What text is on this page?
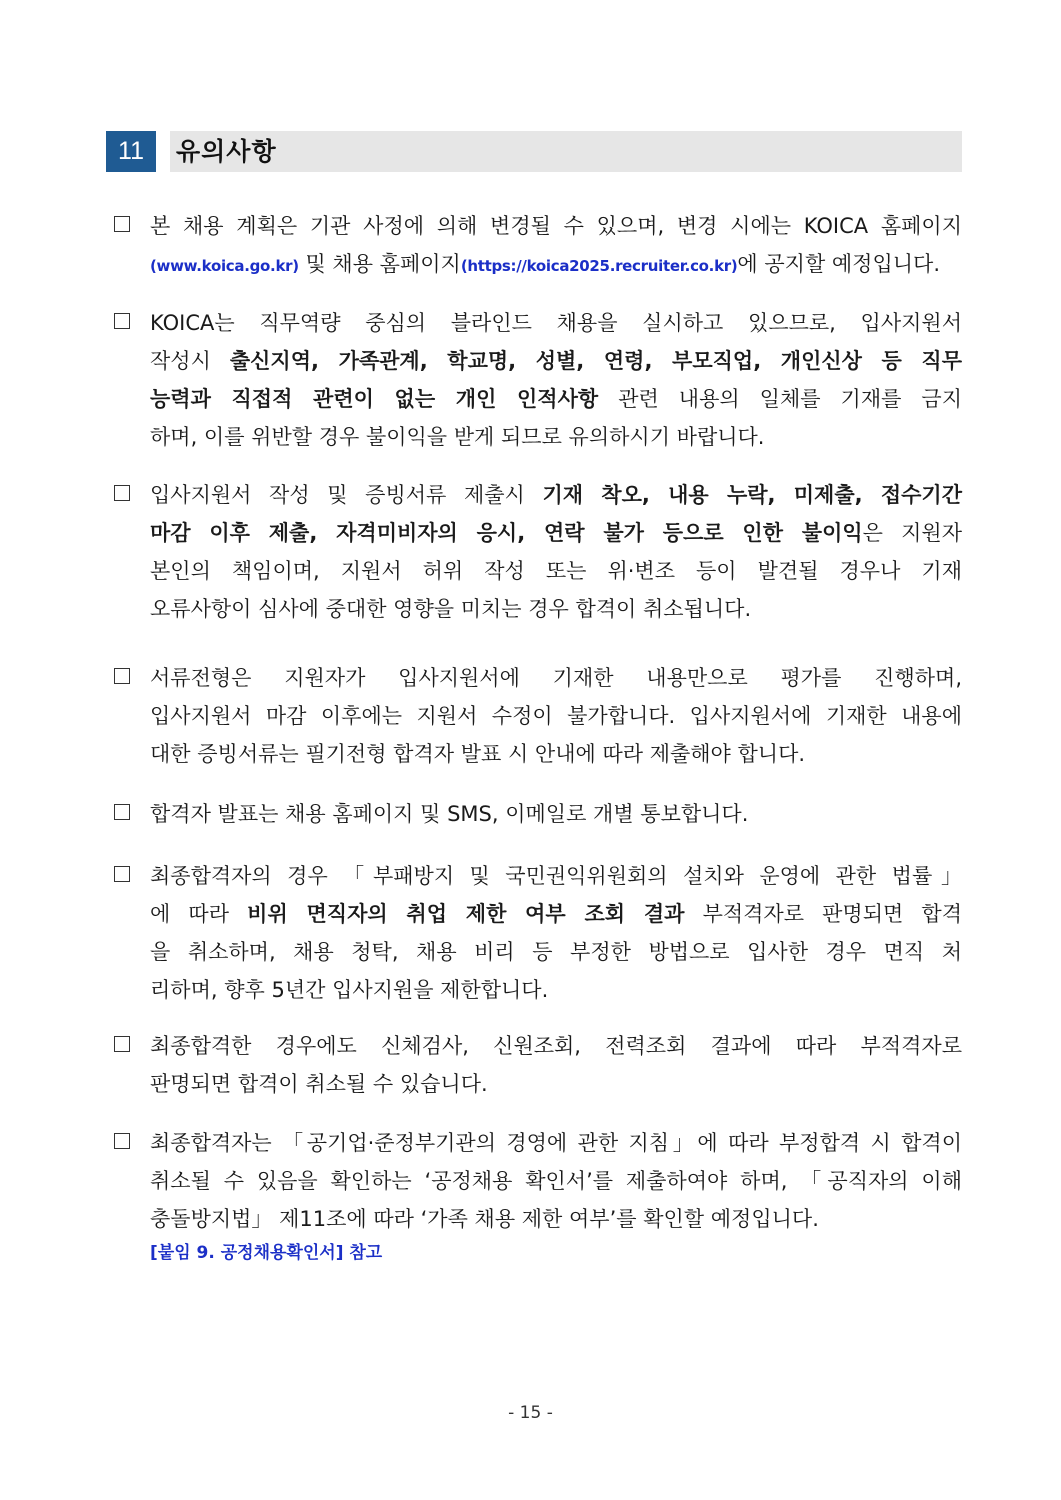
11	유의사항

본 채용 계획은 기관 사정에 의해 변경될 수 있으며, 변경 시에는 KOICA 홈페이지

(www.koica.go.kr) 및 채용 홈페이지(https://koica2025.recruiter.co.kr)에 공지할 예정입니다.

KOICA는 직무역량 중심의 블라인드 채용을 실시하고 있으므로, 입사지원서

작성시 출신지역, 가족관계, 학교명, 성별, 연령, 부모직업, 개인신상 등 직무

능력과 직접적 관련이 없는 개인 인적사항 관련 내용의 일체를 기재를 금지

하며, 이를 위반할 경우 불이익을 받게 되므로 유의하시기 바랍니다.

입사지원서 작성 및 증빙서류 제출시 기재 착오, 내용 누락, 미제출, 접수기간

마감 이후 제출, 자격미비자의 응시, 연락 불가 등으로 인한 불이익은 지원자

본인의 책임이며, 지원서 허위 작성 또는 위·변조 등이 발견될 경우나 기재

오류사항이 심사에 중대한 영향을 미치는 경우 합격이 취소됩니다.

서류전형은 지원자가 입사지원서에 기재한 내용만으로 평가를 진행하며,

입사지원서 마감 이후에는 지원서 수정이 불가합니다. 입사지원서에 기재한 내용에

대한 증빙서류는 필기전형 합격자 발표 시 안내에 따라 제출해야 합니다.

합격자 발표는 채용 홈페이지 및 SMS, 이메일로 개별 통보합니다.

최종합격자의 경우 「부패방지 및 국민권익위원회의 설치와 운영에 관한 법률」

에 따라 비위 면직자의 취업 제한 여부 조회 결과 부적격자로 판명되면 합격

을 취소하며, 채용 청탁, 채용 비리 등 부정한 방법으로 입사한 경우 면직 처

리하며, 향후 5년간 입사지원을 제한합니다.

최종합격한 경우에도 신체검사, 신원조회, 전력조회 결과에 따라 부적격자로

판명되면 합격이 취소될 수 있습니다.

최종합격자는 「공기업·준정부기관의 경영에 관한 지침」에 따라 부정합격 시 합격이

취소될 수 있음을 확인하는 ‘공정채용 확인서’를 제출하여야 하며, 「공직자의 이해

충돌방지법」 제11조에 따라 ‘가족 채용 제한 여부’를 확인할 예정입니다.

[붙임 9. 공정채용확인서] 참고
- 15 -
